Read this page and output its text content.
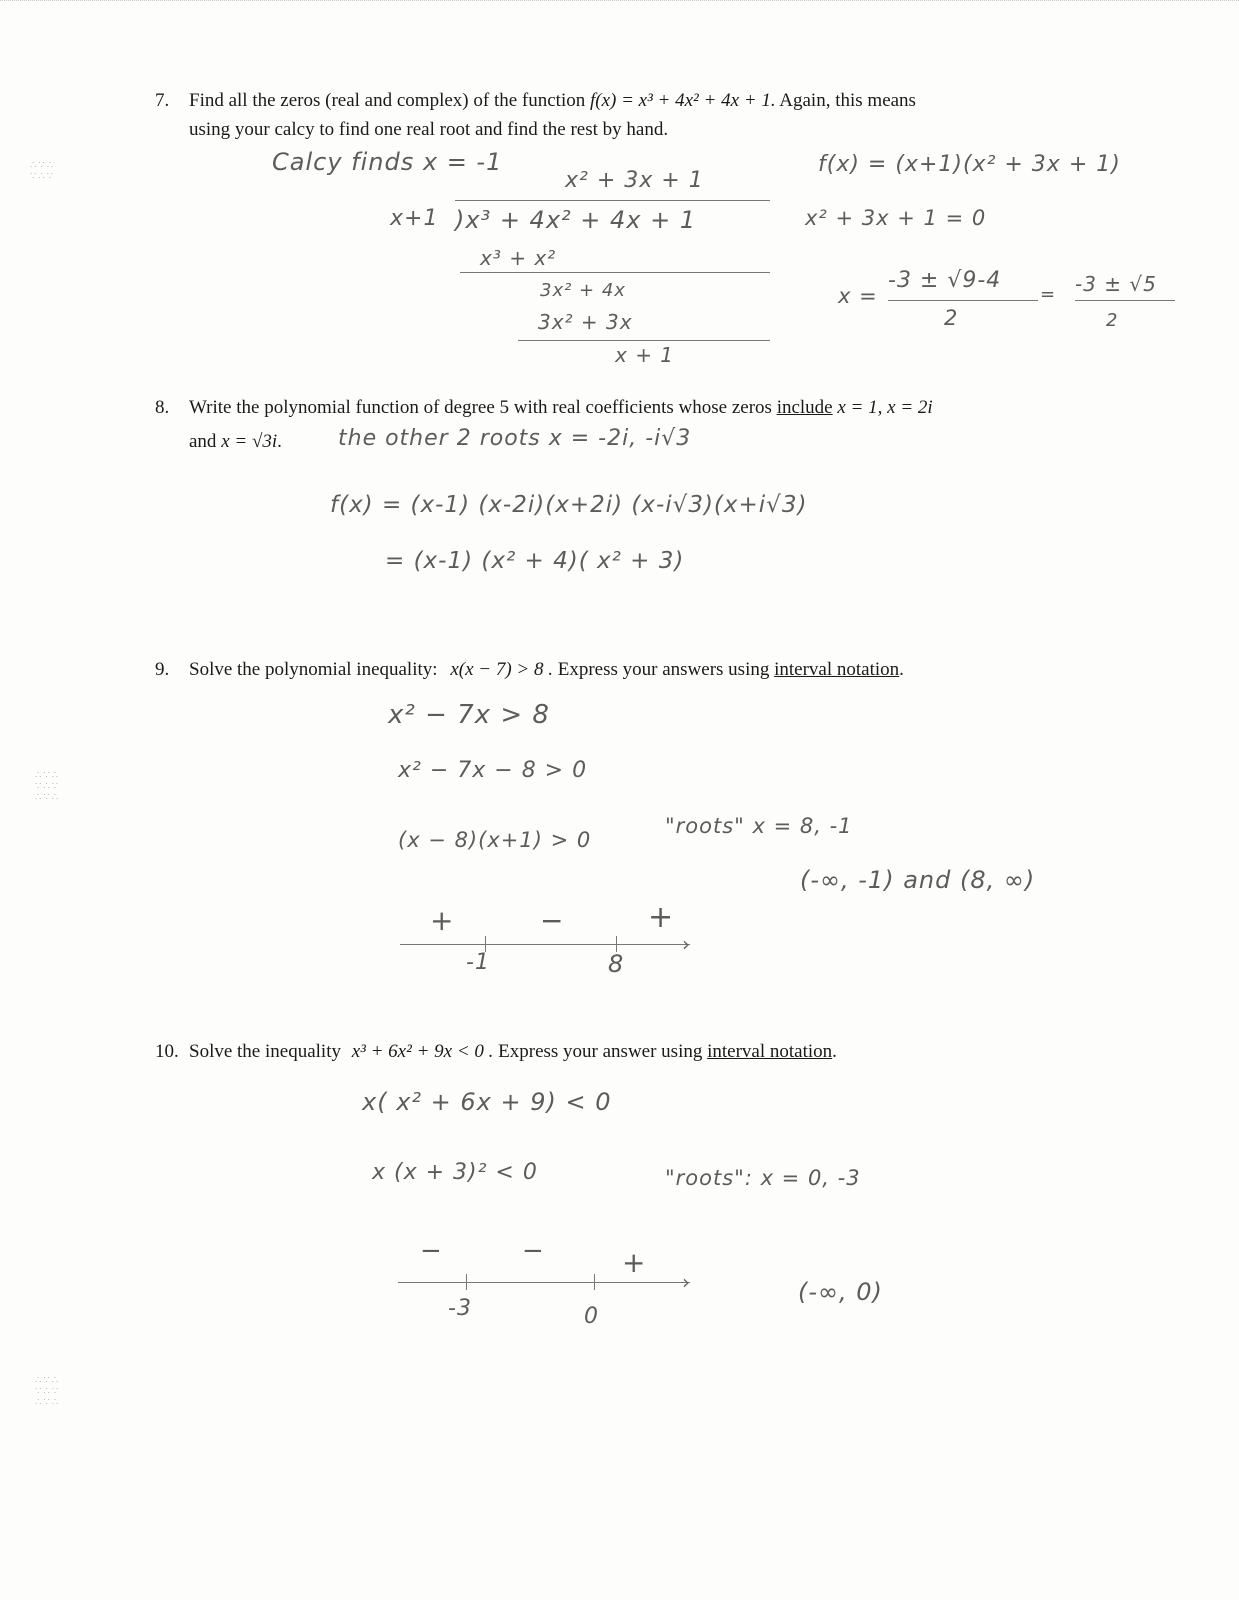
∴∵∴
∵∴∵
∴∵∴
∵∴∵
∴∵∴
∴∵∴
∵∴∵
∴∵∴
7. Find all the zeros (real and complex) of the function f(x) = x³ + 4x² + 4x + 1. Again, this means
using your calcy to find one real root and find the rest by hand.
Calcy finds x = -1
x² + 3x + 1
x+1 )x³ + 4x² + 4x + 1
x³ + x²
3x² + 4x
3x² + 3x
x + 1
f(x) = (x+1)(x² + 3x + 1)
x² + 3x + 1 = 0
x =
-3 ± √9-4
2
= -3 ± √5
2
8. Write the polynomial function of degree 5 with real coefficients whose zeros include x = 1, x = 2i
and x = √3i.	the other 2 roots x = -2i, -i√3
f(x) = (x-1) (x-2i)(x+2i) (x-i√3)(x+i√3)
= (x-1) (x² + 4)( x² + 3)
9. Solve the polynomial inequality: x(x − 7) > 8 . Express your answers using interval notation.
x² − 7x > 8
x² − 7x − 8 > 0
(x − 8)(x+1) > 0
"roots" x = 8, -1
(-∞, -1) and (8, ∞)
+	−	+
›
-1	8
10. Solve the inequality x³ + 6x² + 9x < 0 . Express your answer using interval notation.
x( x² + 6x + 9) < 0
x (x + 3)² < 0	"roots": x = 0, -3
−	−	+
›
-3	0
(-∞, 0)
